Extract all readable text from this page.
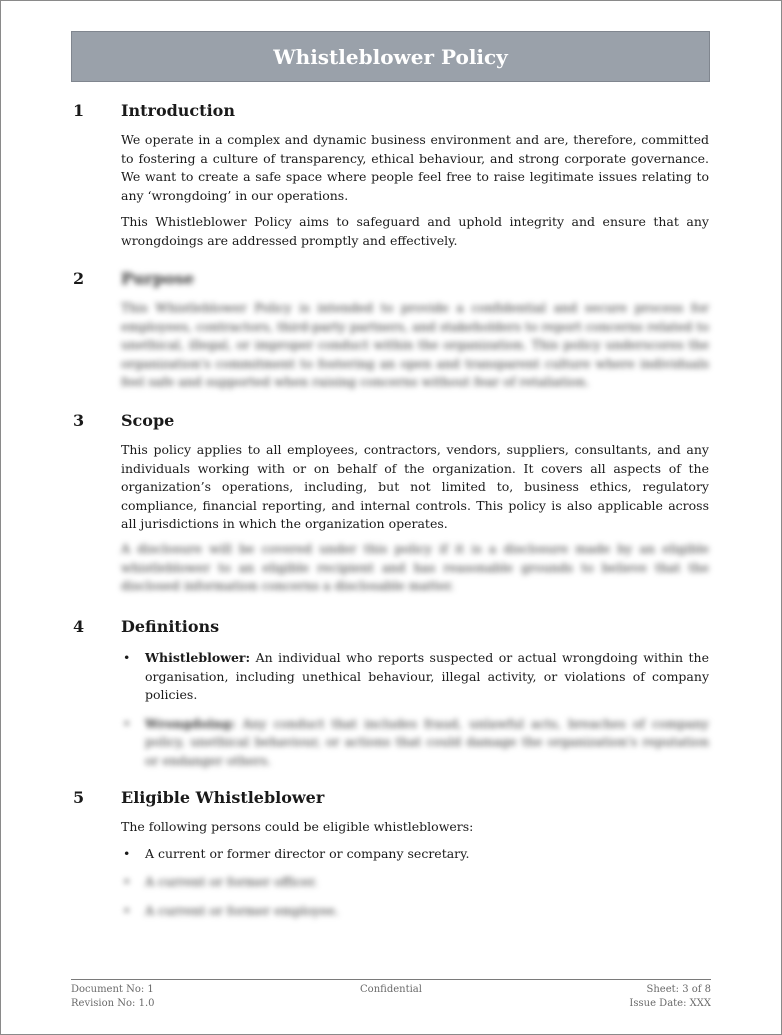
Whistleblower Policy
1 Introduction

We operate in a complex and dynamic business environment and are, therefore, committed to fostering a culture of transparency, ethical behaviour, and strong corporate governance. We want to create a safe space where people feel free to raise legitimate issues relating to any ‘wrongdoing’ in our operations.

This Whistleblower Policy aims to safeguard and uphold integrity and ensure that any wrongdoings are addressed promptly and effectively.

2 Purpose

This Whistleblower Policy is intended to provide a confidential and secure process for employees, contractors, third-party partners, and stakeholders to report concerns related to unethical, illegal, or improper conduct within the organization. This policy underscores the organization's commitment to fostering an open and transparent culture where individuals feel safe and supported when raising concerns without fear of retaliation.

3 Scope

This policy applies to all employees, contractors, vendors, suppliers, consultants, and any individuals working with or on behalf of the organization. It covers all aspects of the organization’s operations, including, but not limited to, business ethics, regulatory compliance, financial reporting, and internal controls. This policy is also applicable across all jurisdictions in which the organization operates.

A disclosure will be covered under this policy if it is a disclosure made by an eligible whistleblower to an eligible recipient and has reasonable grounds to believe that the disclosed information concerns a disclosable matter.

4 Definitions
• Whistleblower: An individual who reports suspected or actual wrongdoing within the organisation, including unethical behaviour, illegal activity, or violations of company policies.
• Wrongdoing: Any conduct that includes fraud, unlawful acts, breaches of company policy, unethical behaviour, or actions that could damage the organization's reputation or endanger others.
5 Eligible Whistleblower

The following persons could be eligible whistleblowers:

• A current or former director or company secretary.
• A current or former officer.
• A current or former employee.
Document No: 1
Revision No: 1.0
Confidential	Sheet: 3 of 8
Issue Date: XXX
